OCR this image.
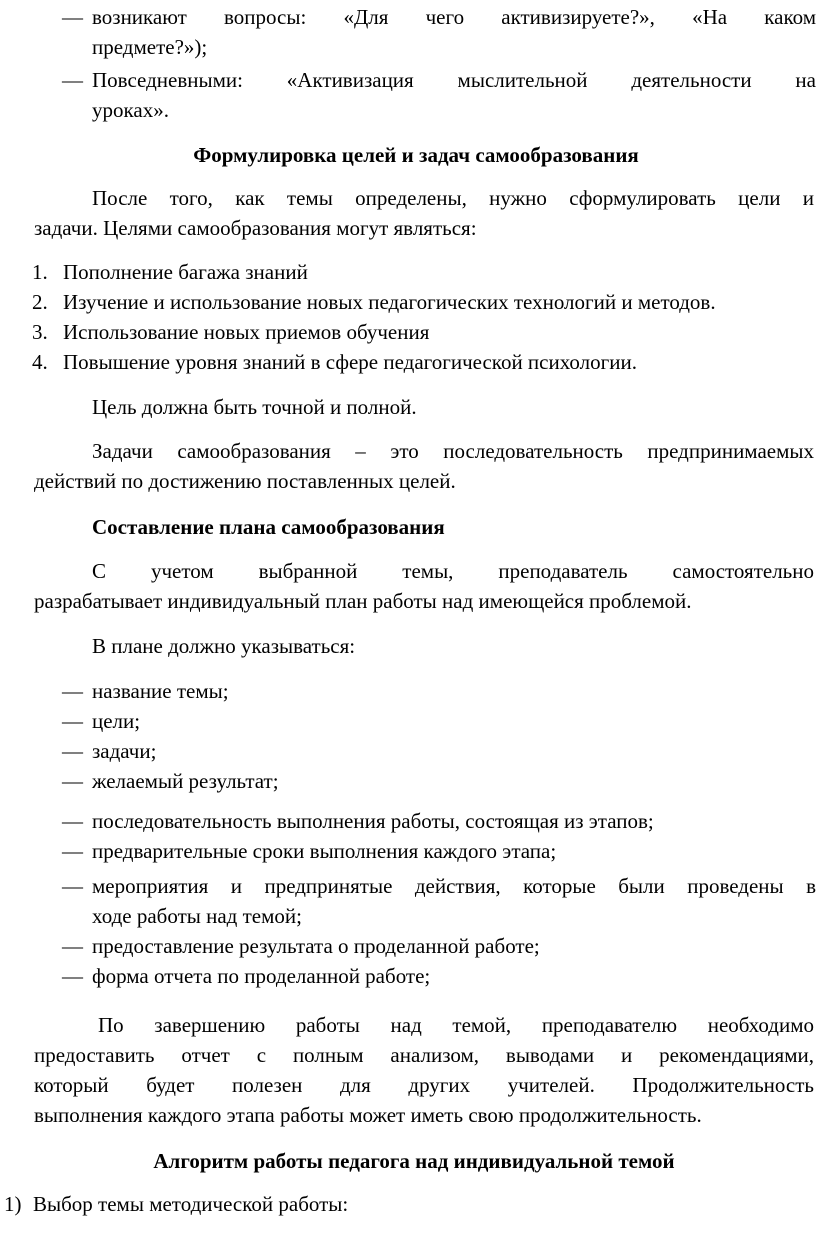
— возникают вопросы: «Для чего активизируете?», «На каком
предмете?»);
— Повседневными: «Активизация мыслительной деятельности на
уроках».
Формулировка целей и задач самообразования
После того, как темы определены, нужно сформулировать цели и
задачи. Целями самообразования могут являться:
1. Пополнение багажа знаний
2. Изучение и использование новых педагогических технологий и методов.
3. Использование новых приемов обучения
4. Повышение уровня знаний в сфере педагогической психологии.
Цель должна быть точной и полной.
Задачи самообразования – это последовательность предпринимаемых
действий по достижению поставленных целей.
Составление плана самообразования
С учетом выбранной темы, преподаватель самостоятельно
разрабатывает индивидуальный план работы над имеющейся проблемой.
В плане должно указываться:
— название темы;
— цели;
— задачи;
— желаемый результат;
— последовательность выполнения работы, состоящая из этапов;
— предварительные сроки выполнения каждого этапа;
— мероприятия и предпринятые действия, которые были проведены в
ходе работы над темой;
— предоставление результата о проделанной работе;
— форма отчета по проделанной работе;
По завершению работы над темой, преподавателю необходимо
предоставить отчет с полным анализом, выводами и рекомендациями,
который будет полезен для других учителей. Продолжительность
выполнения каждого этапа работы может иметь свою продолжительность.
Алгоритм работы педагога над индивидуальной темой
1) Выбор темы методической работы:
